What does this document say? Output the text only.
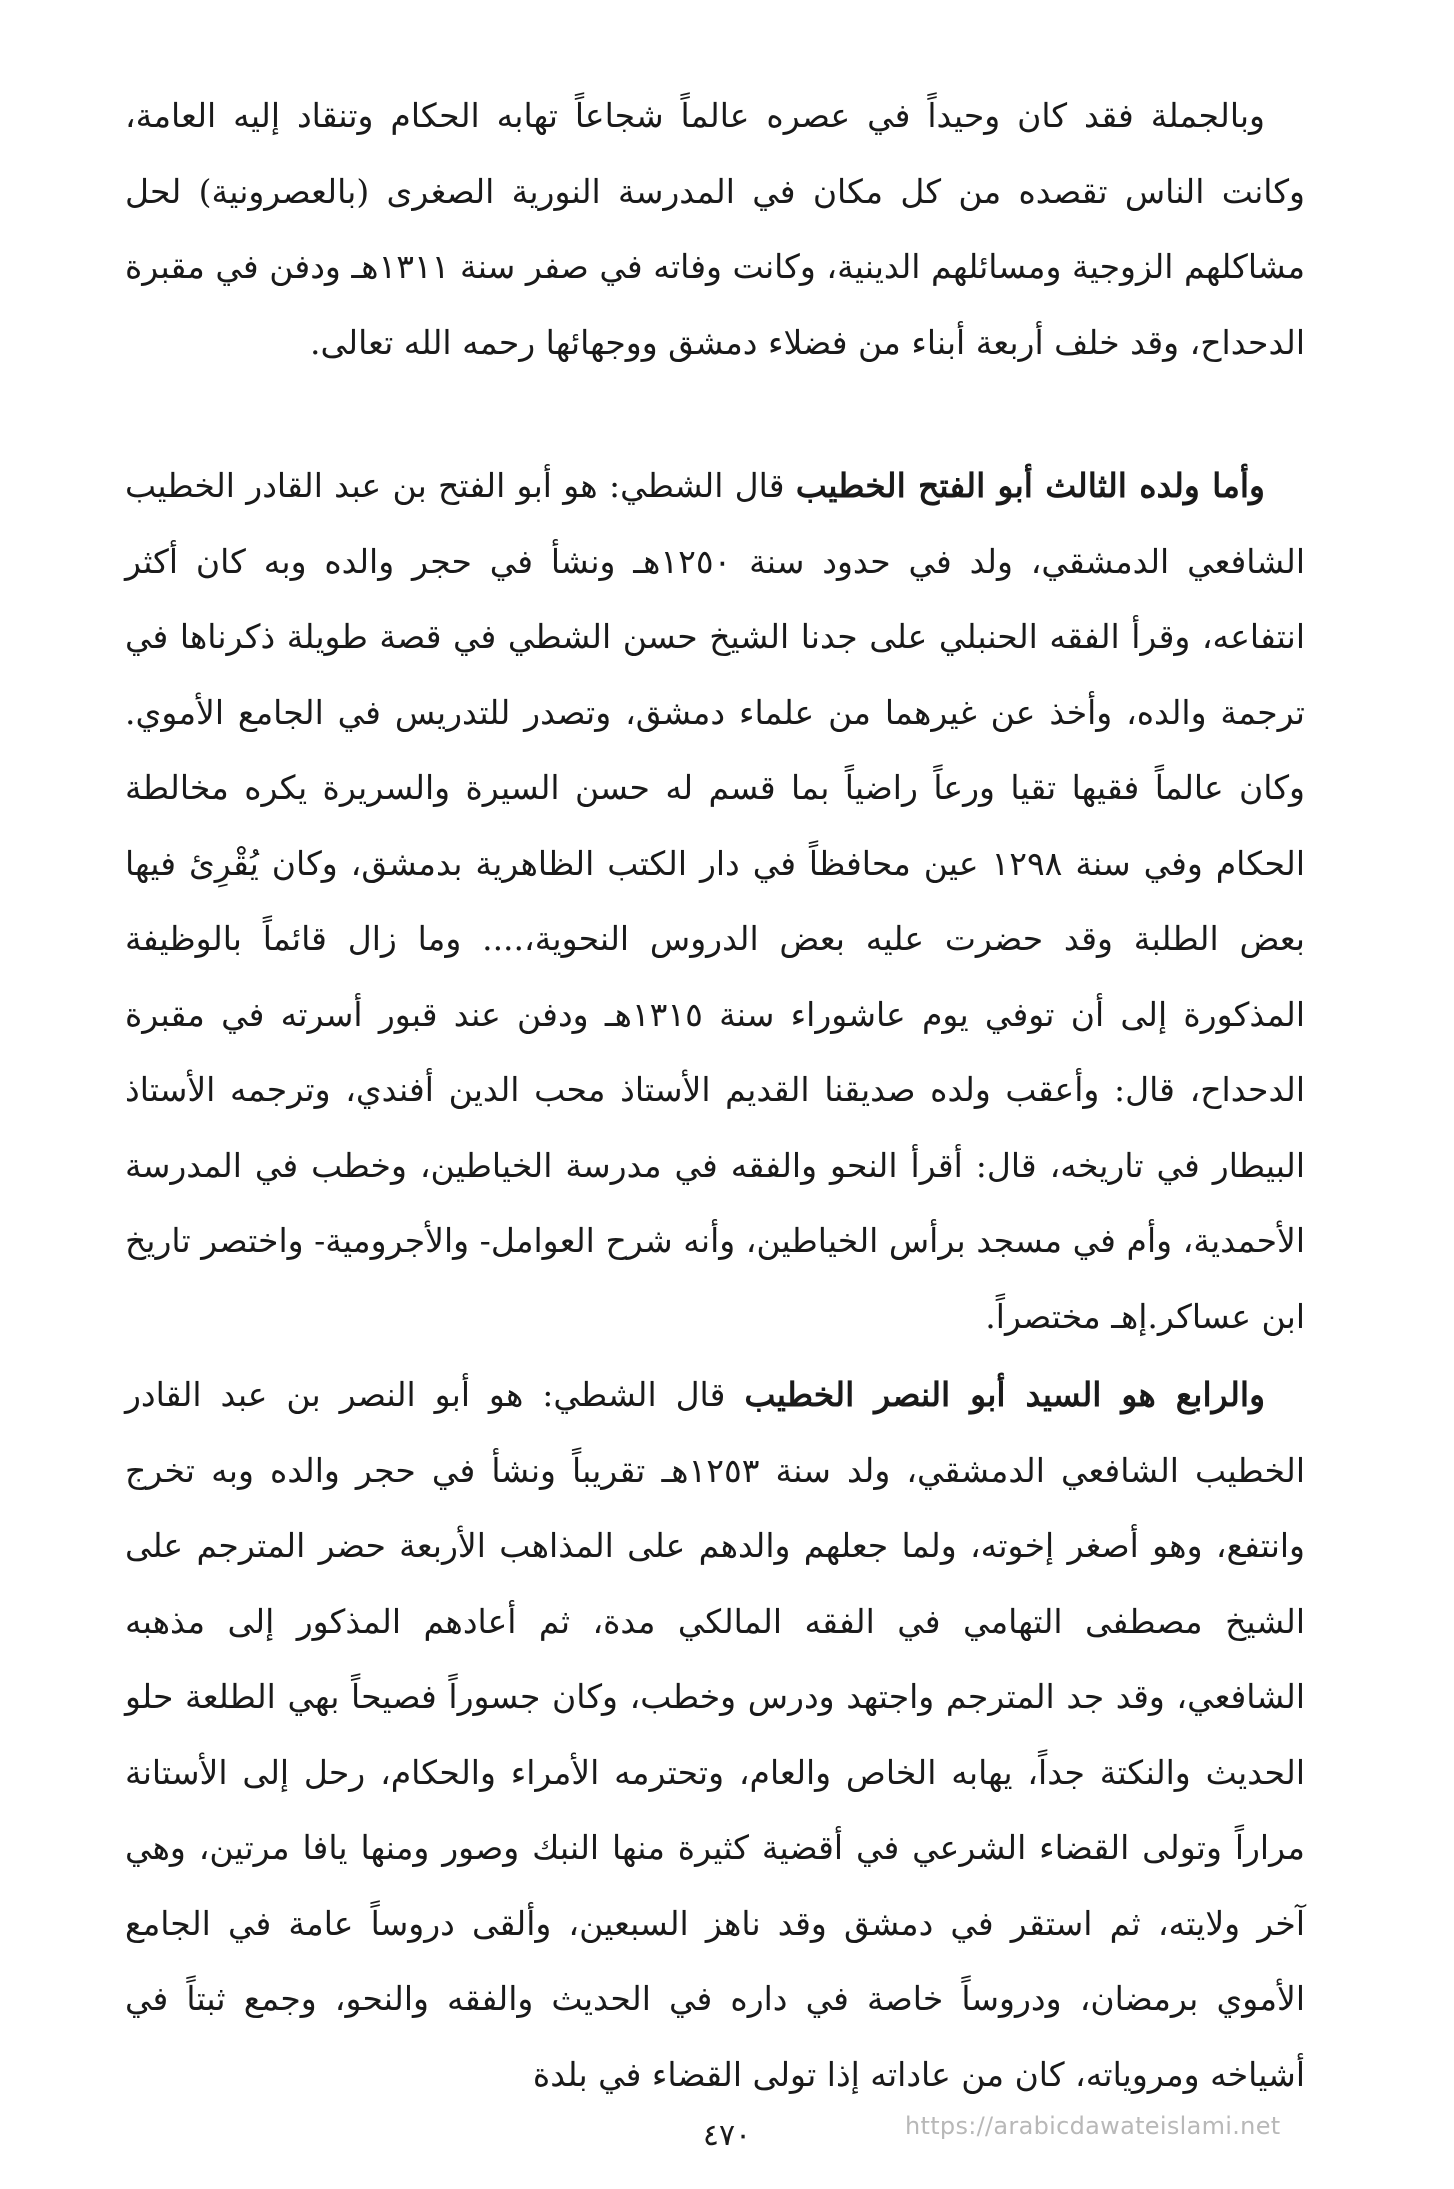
وبالجملة فقد كان وحيداً في عصره عالماً شجاعاً تهابه الحكام وتنقاد إليه العامة، وكانت الناس تقصده من كل مكان في المدرسة النورية الصغرى (بالعصرونية) لحل مشاكلهم الزوجية ومسائلهم الدينية، وكانت وفاته في صفر سنة ١٣١١هـ ودفن في مقبرة الدحداح، وقد خلف أربعة أبناء من فضلاء دمشق ووجهائها رحمه الله تعالى.

وأما ولده الثالث أبو الفتح الخطيب قال الشطي: هو أبو الفتح بن عبد القادر الخطيب الشافعي الدمشقي، ولد في حدود سنة ١٢٥٠هـ ونشأ في حجر والده وبه كان أكثر انتفاعه، وقرأ الفقه الحنبلي على جدنا الشيخ حسن الشطي في قصة طويلة ذكرناها في ترجمة والده، وأخذ عن غيرهما من علماء دمشق، وتصدر للتدريس في الجامع الأموي. وكان عالماً فقيها تقيا ورعاً راضياً بما قسم له حسن السيرة والسريرة يكره مخالطة الحكام وفي سنة ١٢٩٨ عين محافظاً في دار الكتب الظاهرية بدمشق، وكان يُقْرِئ فيها بعض الطلبة وقد حضرت عليه بعض الدروس النحوية،.... وما زال قائماً بالوظيفة المذكورة إلى أن توفي يوم عاشوراء سنة ١٣١٥هـ ودفن عند قبور أسرته في مقبرة الدحداح، قال: وأعقب ولده صديقنا القديم الأستاذ محب الدين أفندي، وترجمه الأستاذ البيطار في تاريخه، قال: أقرأ النحو والفقه في مدرسة الخياطين، وخطب في المدرسة الأحمدية، وأم في مسجد برأس الخياطين، وأنه شرح العوامل- والأجرومية- واختصر تاريخ ابن عساكر.إهـ مختصراً.

والرابع هو السيد أبو النصر الخطيب قال الشطي: هو أبو النصر بن عبد القادر الخطيب الشافعي الدمشقي، ولد سنة ١٢٥٣هـ تقريباً ونشأ في حجر والده وبه تخرج وانتفع، وهو أصغر إخوته، ولما جعلهم والدهم على المذاهب الأربعة حضر المترجم على الشيخ مصطفى التهامي في الفقه المالكي مدة، ثم أعادهم المذكور إلى مذهبه الشافعي، وقد جد المترجم واجتهد ودرس وخطب، وكان جسوراً فصيحاً بهي الطلعة حلو الحديث والنكتة جداً، يهابه الخاص والعام، وتحترمه الأمراء والحكام، رحل إلى الأستانة مراراً وتولى القضاء الشرعي في أقضية كثيرة منها النبك وصور ومنها يافا مرتين، وهي آخر ولايته، ثم استقر في دمشق وقد ناهز السبعين، وألقى دروساً عامة في الجامع الأموي برمضان، ودروساً خاصة في داره في الحديث والفقه والنحو، وجمع ثبتاً في أشياخه ومروياته، كان من عاداته إذا تولى القضاء في بلدة

٤٧٠	https://arabicdawateislami.net
